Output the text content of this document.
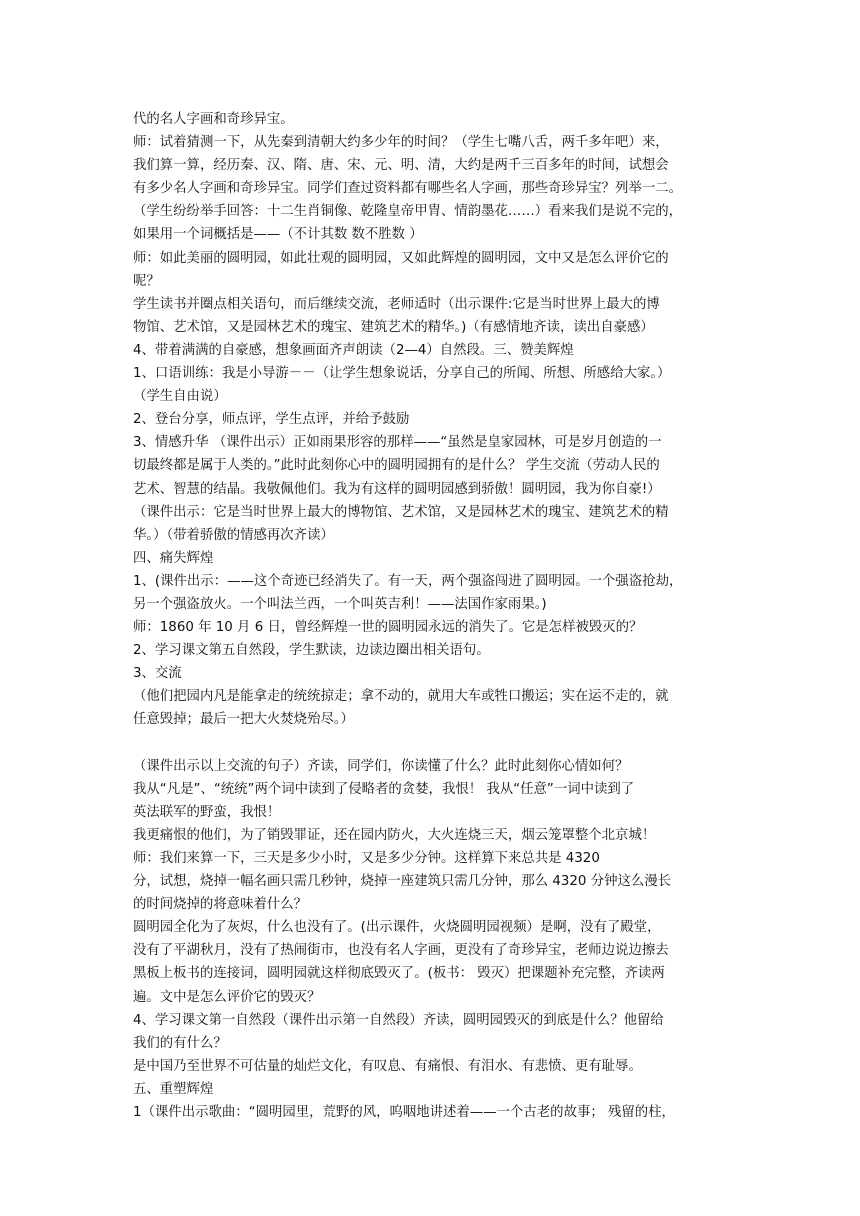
代的名人字画和奇珍异宝。
师：试着猜测一下，从先秦到清朝大约多少年的时间？（学生七嘴八舌，两千多年吧）来，
我们算一算，经历秦、汉、隋、唐、宋、元、明、清，大约是两千三百多年的时间，试想会
有多少名人字画和奇珍异宝。同学们查过资料都有哪些名人字画，那些奇珍异宝？列举一二。
（学生纷纷举手回答：十二生肖铜像、乾隆皇帝甲胄、情韵墨花……）看来我们是说不完的，
如果用一个词概括是——（不计其数 数不胜数 ）
师：如此美丽的圆明园，如此壮观的圆明园，又如此辉煌的圆明园，文中又是怎么评价它的
呢？
学生读书并圈点相关语句，而后继续交流，老师适时（出示课件:它是当时世界上最大的博
物馆、艺术馆，又是园林艺术的瑰宝、建筑艺术的精华。)（有感情地齐读，读出自豪感）
4、带着满满的自豪感，想象画面齐声朗读（2—4）自然段。三、赞美辉煌
1、口语训练：我是小导游－－（让学生想象说话，分享自己的所闻、所想、所感给大家。）
（学生自由说）
2、登台分享，师点评，学生点评，并给予鼓励
3、情感升华 （课件出示）正如雨果形容的那样——“虽然是皇家园林，可是岁月创造的一
切最终都是属于人类的。”此时此刻你心中的圆明园拥有的是什么？ 学生交流（劳动人民的
艺术、智慧的结晶。我敬佩他们。我为有这样的圆明园感到骄傲！圆明园，我为你自豪!）
（课件出示：它是当时世界上最大的博物馆、艺术馆，又是园林艺术的瑰宝、建筑艺术的精
华。）（带着骄傲的情感再次齐读）
四、痛失辉煌
1、(课件出示：——这个奇迹已经消失了。有一天，两个强盗闯进了圆明园。一个强盗抢劫，
另一个强盗放火。一个叫法兰西，一个叫英吉利！——法国作家雨果。)
师：1860 年 10 月 6 日，曾经辉煌一世的圆明园永远的消失了。它是怎样被毁灭的？
2、学习课文第五自然段，学生默读，边读边圈出相关语句。
3、交流
（他们把园内凡是能拿走的统统掠走；拿不动的，就用大车或牲口搬运；实在运不走的，就
任意毁掉；最后一把大火焚烧殆尽。）
（课件出示以上交流的句子）齐读，同学们，你读懂了什么？此时此刻你心情如何？
我从“凡是”、“统统”两个词中读到了侵略者的贪婪，我恨！ 我从“任意”一词中读到了
英法联军的野蛮，我恨！
我更痛恨的他们，为了销毁罪证，还在园内防火，大火连烧三天，烟云笼罩整个北京城！
师：我们来算一下，三天是多少小时，又是多少分钟。这样算下来总共是 4320
分，试想，烧掉一幅名画只需几秒钟，烧掉一座建筑只需几分钟，那么 4320 分钟这么漫长
的时间烧掉的将意味着什么？
圆明园全化为了灰烬，什么也没有了。(出示课件，火烧圆明园视频）是啊，没有了殿堂，
没有了平湖秋月，没有了热闹街市，也没有名人字画，更没有了奇珍异宝，老师边说边擦去
黑板上板书的连接词，圆明园就这样彻底毁灭了。(板书： 毁灭）把课题补充完整，齐读两
遍。文中是怎么评价它的毁灭？
4、学习课文第一自然段（课件出示第一自然段）齐读，圆明园毁灭的到底是什么？他留给
我们的有什么？
是中国乃至世界不可估量的灿烂文化，有叹息、有痛恨、有泪水、有悲愤、更有耻辱。
五、重塑辉煌
1（课件出示歌曲：“圆明园里，荒野的风，呜咽地讲述着——一个古老的故事； 残留的柱，
